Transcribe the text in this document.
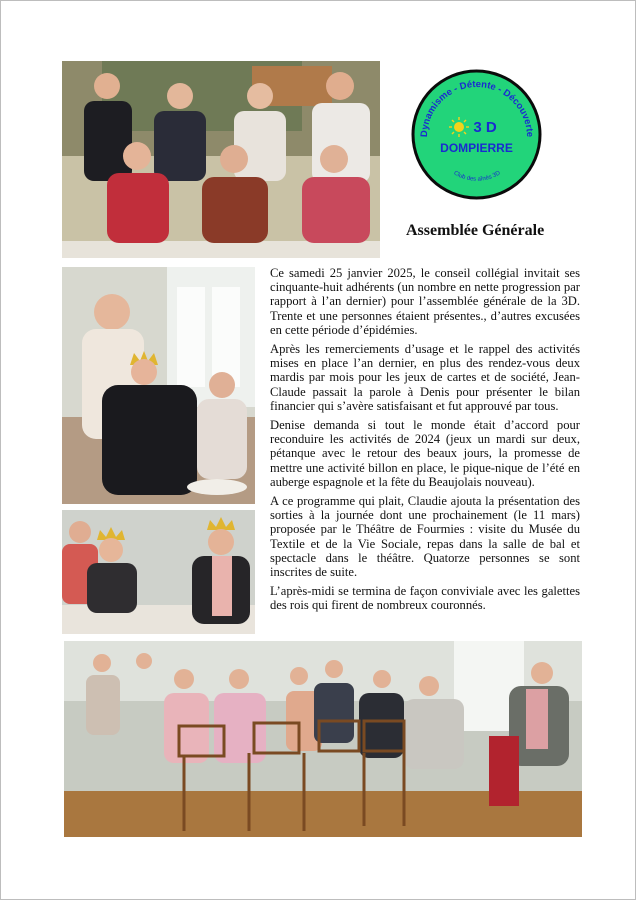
Dynamisme - Détente - Découverte
Club des aînés 3D
3 D
DOMPIERRE
Assemblée Générale

Ce samedi 25 janvier 2025, le conseil collégial invitait ses cinquante-huit adhérents (un nombre en nette progression par rapport à l’an dernier) pour l’assemblée générale de la 3D. Trente et une personnes étaient présentes., d’autres excusées en cette période d’épidémies.

Après les remerciements d’usage et le rappel des activités mises en place l’an dernier, en plus des rendez-vous deux mardis par mois pour les jeux de cartes et de société, Jean-Claude passait la parole à Denis pour présenter le bilan financier qui s’avère satisfaisant et fut approuvé par tous.

Denise demanda si tout le monde était d’accord pour reconduire les activités de 2024 (jeux un mardi sur deux, pétanque avec le retour des beaux jours, la promesse de mettre une activité billon en place, le pique-nique de l’été en auberge espagnole et la fête du Beaujolais nouveau).

A ce programme qui plait, Claudie ajouta la présentation des sorties à la journée dont une prochainement (le 11 mars) proposée par le Théâtre de Fourmies : visite du Musée du Textile et de la Vie Sociale, repas dans la salle de bal et spectacle dans le théâtre. Quatorze personnes se sont inscrites de suite.

L’après-midi se termina de façon conviviale avec les galettes des rois qui firent de nombreux couronnés.
